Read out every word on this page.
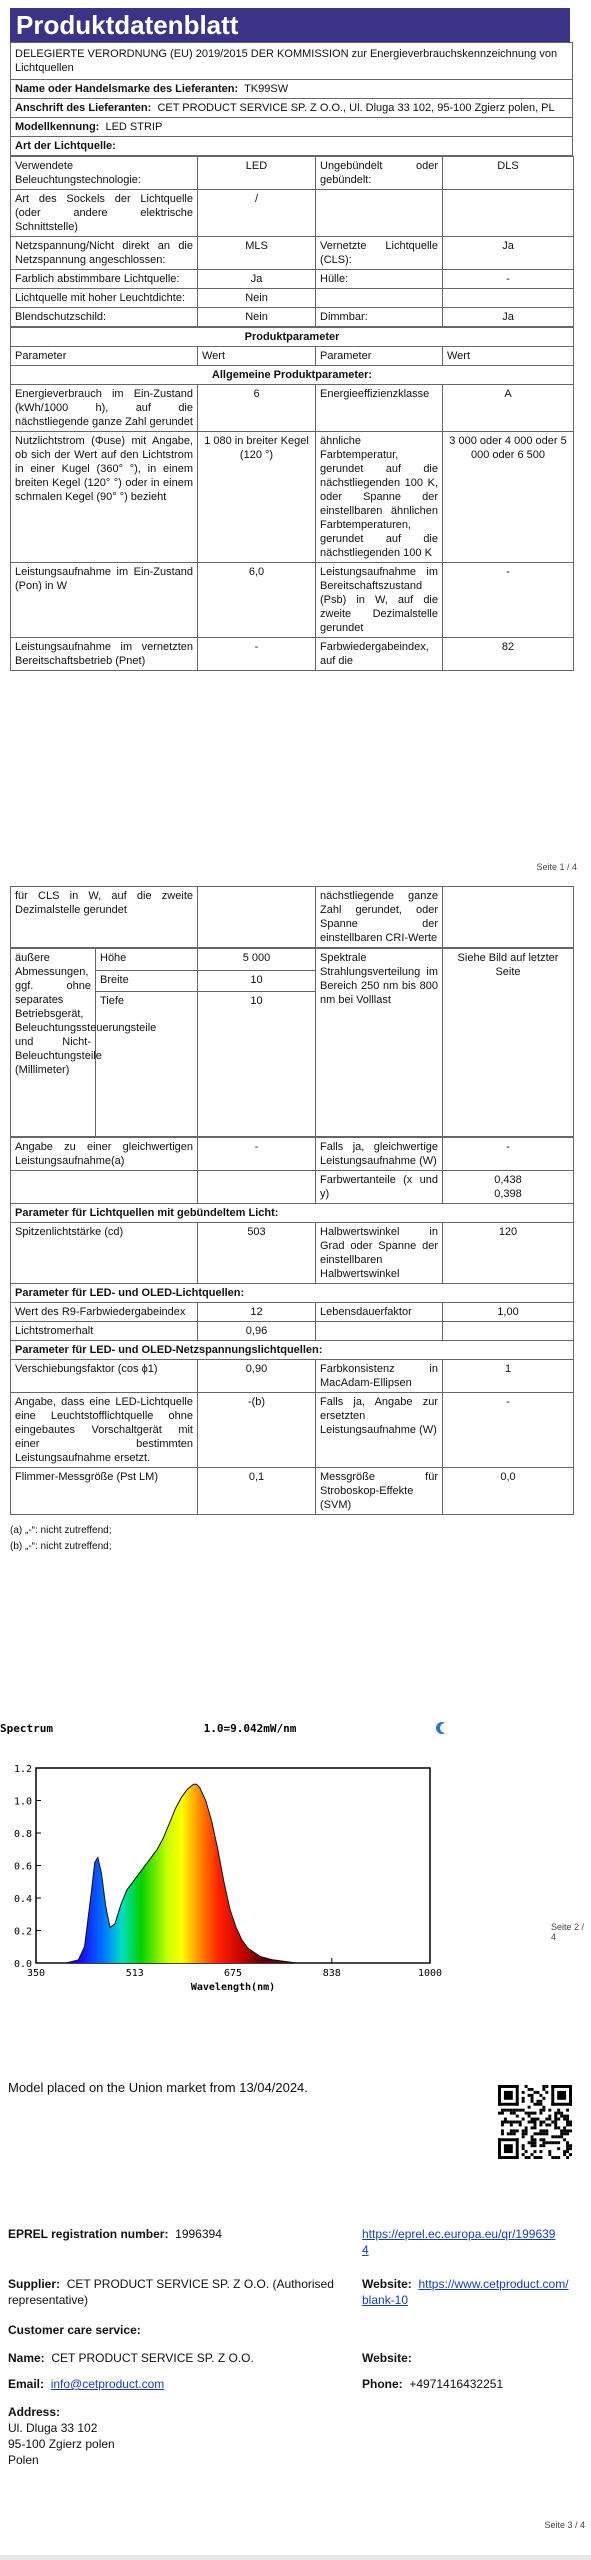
Produktdatenblatt
DELEGIERTE VERORDNUNG (EU) 2019/2015 DER KOMMISSION zur Energieverbrauchskennzeichnung von Lichtquellen
Name oder Handelsmarke des Lieferanten: TK99SW
Anschrift des Lieferanten: CET PRODUCT SERVICE SP. Z O.O., Ul. Dluga 33 102, 95-100 Zgierz polen, PL
Modellkennung: LED STRIP
Art der Lichtquelle:
Verwendete Beleuchtungstechnologie:	LED	Ungebündelt oder gebündelt:	DLS
Art des Sockels der Lichtquelle (oder andere elektrische Schnittstelle)	/		
Netzspannung/Nicht direkt an die Netzspannung angeschlossen:	MLS	Vernetzte Lichtquelle (CLS):	Ja
Farblich abstimmbare Lichtquelle:	Ja	Hülle:	-
Lichtquelle mit hoher Leuchtdichte:	Nein		
Blendschutzschild:	Nein	Dimmbar:	Ja
Produktparameter			
Parameter	Wert	Parameter	Wert
Allgemeine Produktparameter:			
Energieverbrauch im Ein-Zustand (kWh/1000 h), auf die nächstliegende ganze Zahl gerundet	6	Energieeffizienzklasse	A
Nutzlichtstrom (Φuse) mit Angabe, ob sich der Wert auf den Lichtstrom in einer Kugel (360° °), in einem breiten Kegel (120° °) oder in einem schmalen Kegel (90° °) bezieht	1 080 in breiter Kegel (120 °)	ähnliche Farbtemperatur, gerundet auf die nächstliegenden 100 K, oder Spanne der einstellbaren ähnlichen Farbtemperaturen, gerundet auf die nächstliegenden 100 K	3 000 oder 4 000 oder 5 000 oder 6 500
Leistungsaufnahme im Ein-Zustand (Pon) in W	6,0	Leistungsaufnahme im Bereitschaftszustand (Psb) in W, auf die zweite Dezimalstelle gerundet	-
Leistungsaufnahme im vernetzten Bereitschaftsbetrieb (Pnet)	-	Farbwiedergabeindex, auf die	82
Seite 1 / 4
für CLS in W, auf die zweite Dezimalstelle gerundet		nächstliegende ganze Zahl gerundet, oder Spanne der einstellbaren CRI-Werte	
äußere Abmessungen, ggf. ohne separates Betriebsgerät, Beleuchtungssteuerungsteile und Nicht-Beleuchtungsteile (Millimeter)	Höhe	5 000	Spektrale Strahlungsverteilung im Bereich 250 nm bis 800 nm bei Volllast	Siehe Bild auf letzter Seite
	Breite	10		
	Tiefe	10		
Angabe zu einer gleichwertigen Leistungsaufnahme(a)	-	Falls ja, gleichwertige Leistungsaufnahme (W)	-
		Farbwertanteile (x und y)	0,438
0,398
Parameter für Lichtquellen mit gebündeltem Licht:			
Spitzenlichtstärke (cd)	503	Halbwertswinkel in Grad oder Spanne der einstellbaren Halbwertswinkel	120
Parameter für LED- und OLED-Lichtquellen:			
Wert des R9-Farbwiedergabeindex	12	Lebensdauerfaktor	1,00
Lichtstromerhalt	0,96		
Parameter für LED- und OLED-Netzspannungslichtquellen:			
Verschiebungsfaktor (cos ϕ1)	0,90	Farbkonsistenz in MacAdam-Ellipsen	1
Angabe, dass eine LED-Lichtquelle eine Leuchtstofflichtquelle ohne eingebautes Vorschaltgerät mit einer bestimmten Leistungsaufnahme ersetzt.	-(b)	Falls ja, Angabe zur ersetzten Leistungsaufnahme (W)	-
Flimmer-Messgröße (Pst LM)	0,1	Messgröße für Stroboskop-Effekte (SVM)	0,0
(a) „-“: nicht zutreffend;
(b) „-“: nicht zutreffend;
0.0
0.2
0.4
0.6
0.8
1.0
1.2
350	513	675	838	1000
Spectrum	1.0=9.042mW/nm
Wavelength(nm)
Seite 2 / 4
Model placed on the Union market from 13/04/2024.
EPREL registration number: 1996394	https://eprel.ec.europa.eu/qr/1996394
Supplier: CET PRODUCT SERVICE SP. Z O.O. (Authorised representative)
Website: https://www.cetproduct.com/blank-10
Customer care service:
Name: CET PRODUCT SERVICE SP. Z O.O.	Website:
Email: info@cetproduct.com	Phone: +4971416432251
Address:
Ul. Dluga 33 102
95-100 Zgierz polen
Polen
Seite 3 / 4
